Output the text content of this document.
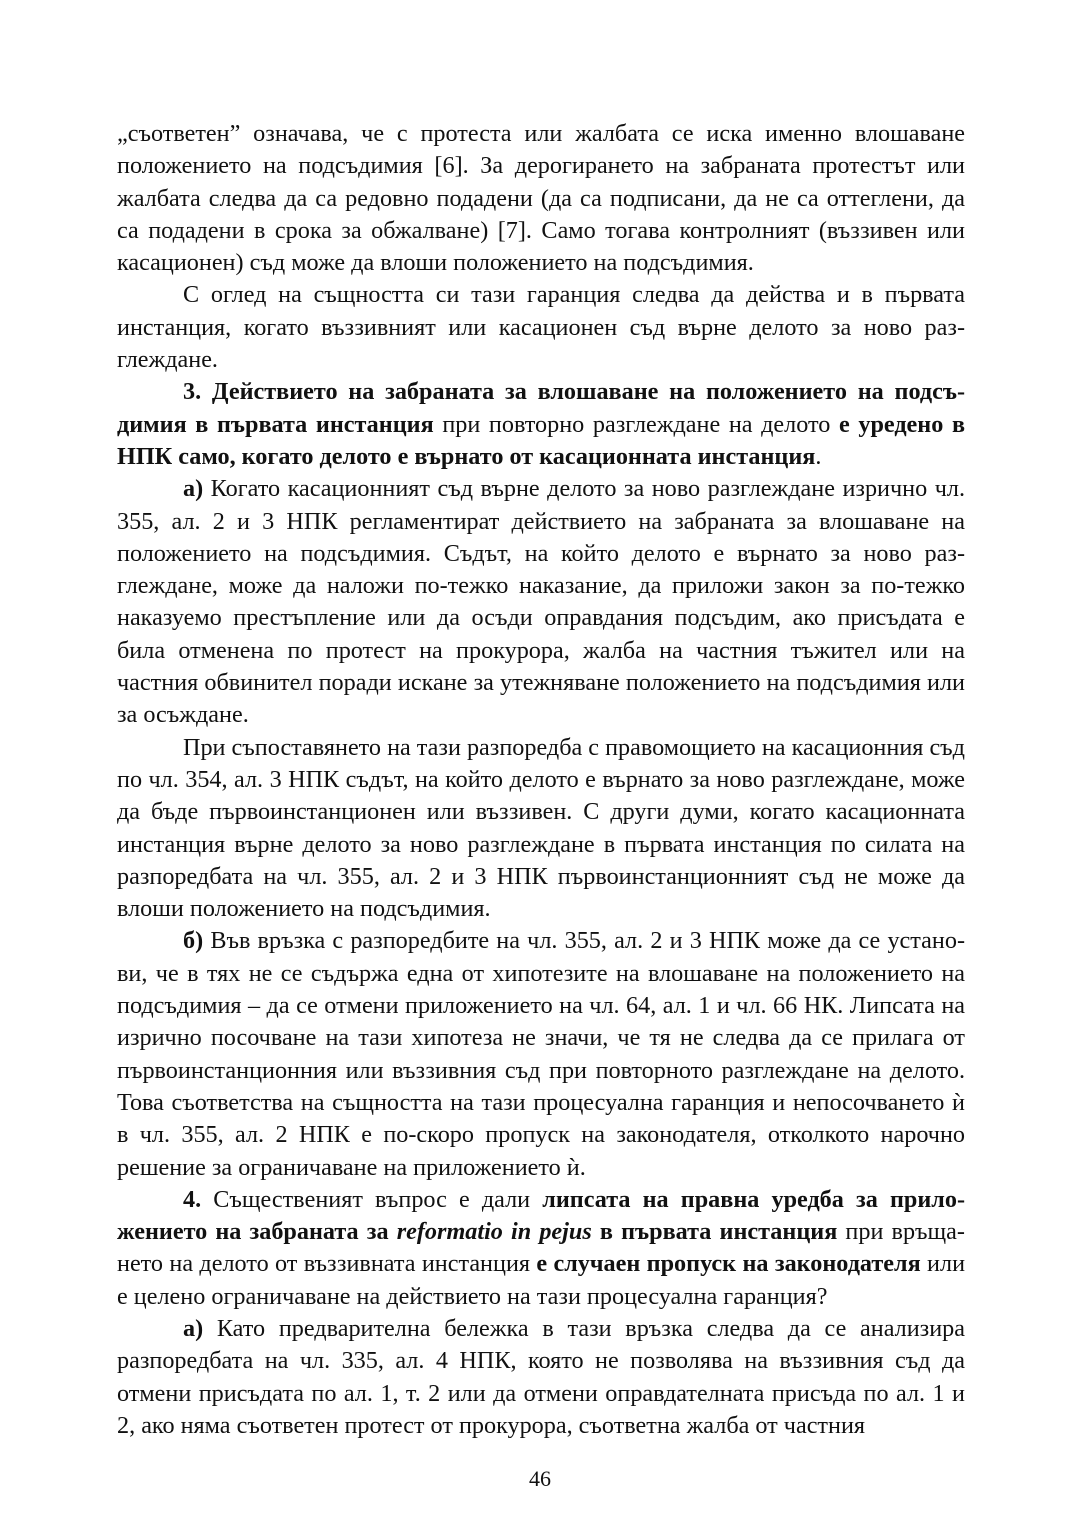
„съответен” означава, че с протеста или жалбата се иска именно влошаване положението на подсъдимия [6]. За дерогирането на забраната протестът или жалбата следва да са редовно подадени (да са подписани, да не са оттеглени, да са подадени в срока за обжалване) [7]. Само тогава контролният (въззивен или касационен) съд може да влоши положението на подсъдимия.

С оглед на същността си тази гаранция следва да действа и в първата инстанция, когато въззивният или касационен съд върне делото за ново разглеждане.

3. Действието на забраната за влошаване на положението на подсъдимия в първата инстанция при повторно разглеждане на делото е уредено в НПК само, когато делото е върнато от касационната инстанция.

а) Когато касационният съд върне делото за ново разглеждане изрично чл. 355, ал. 2 и 3 НПК регламентират действието на забраната за влошаване на положението на подсъдимия. Съдът, на който делото е върнато за ново разглеждане, може да наложи по-тежко наказание, да приложи закон за по-тежко наказуемо престъпление или да осъди оправдания подсъдим, ако присъдата е била отменена по протест на прокурора, жалба на частния тъжител или на частния обвинител поради искане за утежняване положението на подсъдимия или за осъждане.

При съпоставянето на тази разпоредба с правомощието на касационния съд по чл. 354, ал. 3 НПК съдът, на който делото е върнато за ново разглеждане, може да бъде първоинстанционен или въззивен. С други думи, когато касационната инстанция върне делото за ново разглеждане в първата инстанция по силата на разпоредбата на чл. 355, ал. 2 и 3 НПК първоинстанционният съд не може да влоши положението на подсъдимия.

б) Във връзка с разпоредбите на чл. 355, ал. 2 и 3 НПК може да се установи, че в тях не се съдържа една от хипотезите на влошаване на положението на подсъдимия – да се отмени приложението на чл. 64, ал. 1 и чл. 66 НК. Липсата на изрично посочване на тази хипотеза не значи, че тя не следва да се прилага от първоинстанционния или въззивния съд при повторното разглеждане на делото. Това съответства на същността на тази процесуална гаранция и непосочването ѝ в чл. 355, ал. 2 НПК е по-скоро пропуск на законодателя, отколкото нарочно решение за ограничаване на приложението ѝ.

4. Съществeният въпрос е дали липсата на правна уредба за приложението на забраната за reformatio in pejus в първата инстанция при връщането на делото от въззивната инстанция е случаен пропуск на законодателя или е целено ограничаване на действието на тази процесуална гаранция?

а) Като предварителна бележка в тази връзка следва да се анализира разпоредбата на чл. 335, ал. 4 НПК, която не позволява на въззивния съд да отмени присъдата по ал. 1, т. 2 или да отмени оправдателната присъда по ал. 1 и 2, ако няма съответен протест от прокурора, съответна жалба от частния

46
